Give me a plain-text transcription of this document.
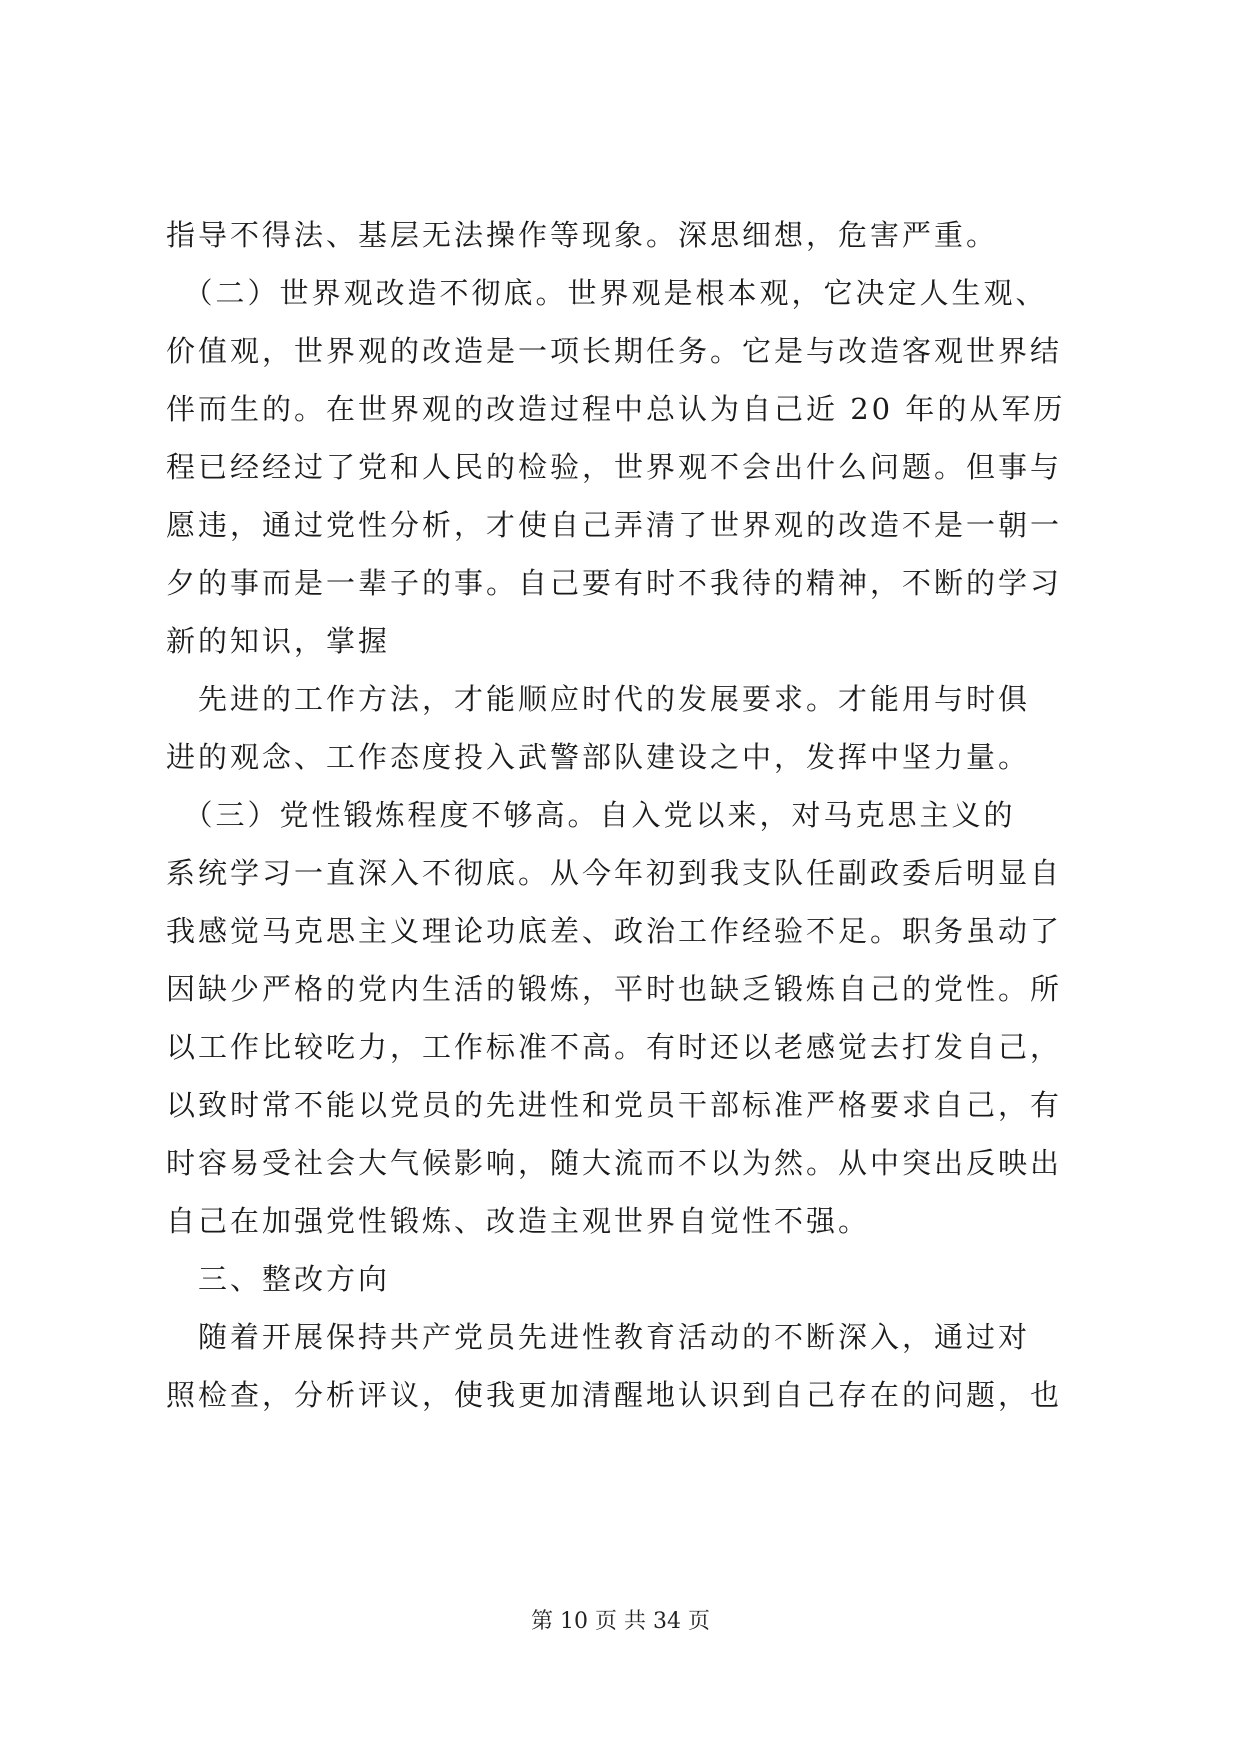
指导不得法、基层无法操作等现象。深思细想，危害严重。
　（二）世界观改造不彻底。世界观是根本观，它决定人生观、
价值观，世界观的改造是一项长期任务。它是与改造客观世界结
伴而生的。在世界观的改造过程中总认为自己近 20 年的从军历
程已经经过了党和人民的检验，世界观不会出什么问题。但事与
愿违，通过党性分析，才使自己弄清了世界观的改造不是一朝一
夕的事而是一辈子的事。自己要有时不我待的精神，不断的学习
新的知识，掌握
　先进的工作方法，才能顺应时代的发展要求。才能用与时俱
进的观念、工作态度投入武警部队建设之中，发挥中坚力量。
　（三）党性锻炼程度不够高。自入党以来，对马克思主义的
系统学习一直深入不彻底。从今年初到我支队任副政委后明显自
我感觉马克思主义理论功底差、政治工作经验不足。职务虽动了
因缺少严格的党内生活的锻炼，平时也缺乏锻炼自己的党性。所
以工作比较吃力，工作标准不高。有时还以老感觉去打发自己，
以致时常不能以党员的先进性和党员干部标准严格要求自己，有
时容易受社会大气候影响，随大流而不以为然。从中突出反映出
自己在加强党性锻炼、改造主观世界自觉性不强。
　三、整改方向
　随着开展保持共产党员先进性教育活动的不断深入，通过对
照检查，分析评议，使我更加清醒地认识到自己存在的问题，也
第 10 页 共 34 页
